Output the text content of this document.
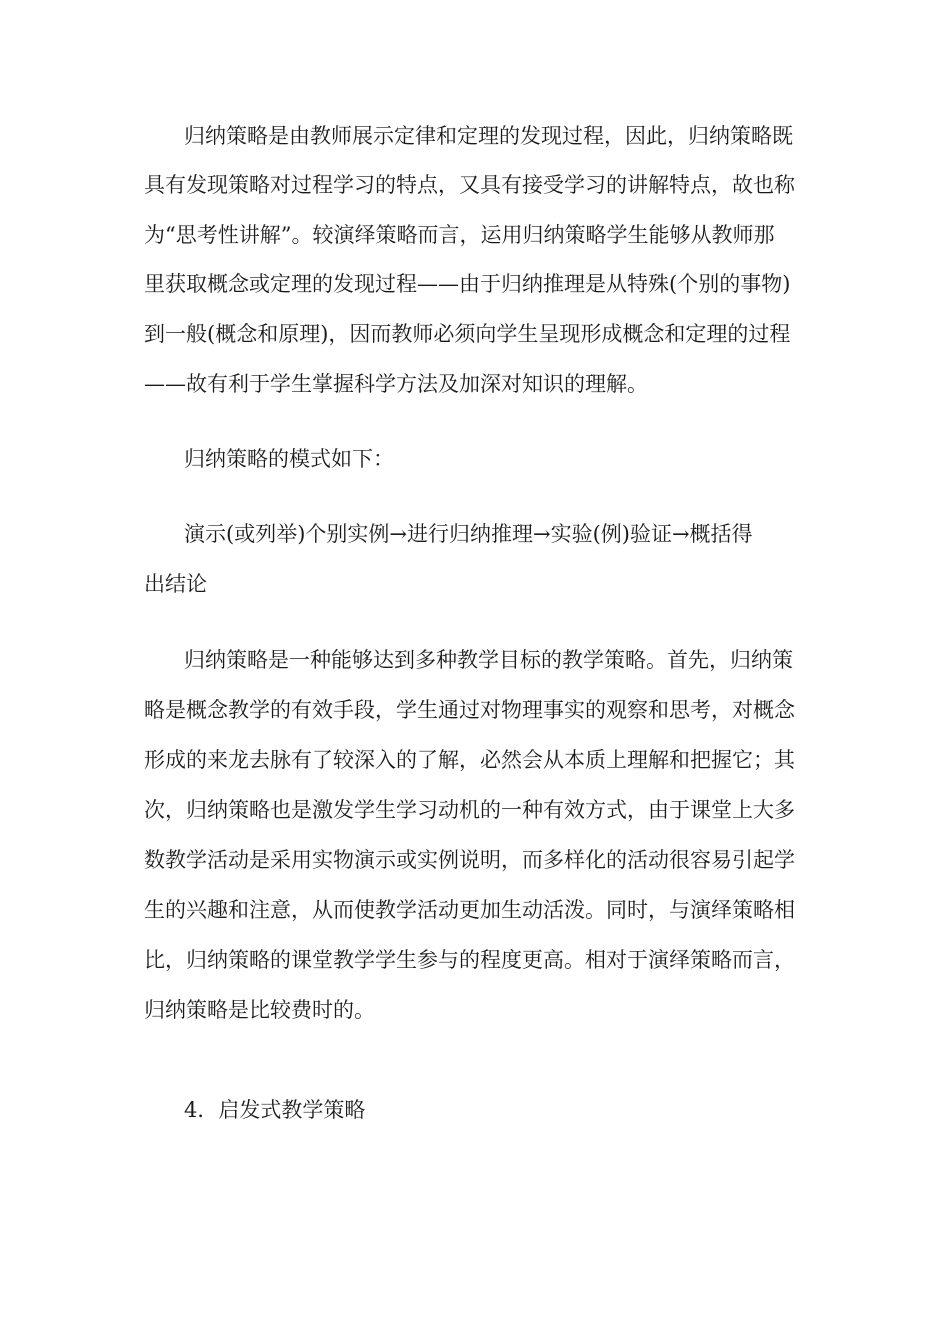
归纳策略是由教师展示定律和定理的发现过程，因此，归纳策略既

具有发现策略对过程学习的特点，又具有接受学习的讲解特点，故也称

为“思考性讲解”。较演绎策略而言，运用归纳策略学生能够从教师那

里获取概念或定理的发现过程——由于归纳推理是从特殊(个别的事物)

到一般(概念和原理)，因而教师必须向学生呈现形成概念和定理的过程

——故有利于学生掌握科学方法及加深对知识的理解。

归纳策略的模式如下：

演示(或列举)个别实例→进行归纳推理→实验(例)验证→概括得

出结论

归纳策略是一种能够达到多种教学目标的教学策略。首先，归纳策

略是概念教学的有效手段，学生通过对物理事实的观察和思考，对概念

形成的来龙去脉有了较深入的了解，必然会从本质上理解和把握它；其

次，归纳策略也是激发学生学习动机的一种有效方式，由于课堂上大多

数教学活动是采用实物演示或实例说明，而多样化的活动很容易引起学

生的兴趣和注意，从而使教学活动更加生动活泼。同时，与演绎策略相

比，归纳策略的课堂教学学生参与的程度更高。相对于演绎策略而言，

归纳策略是比较费时的。

4．启发式教学策略
